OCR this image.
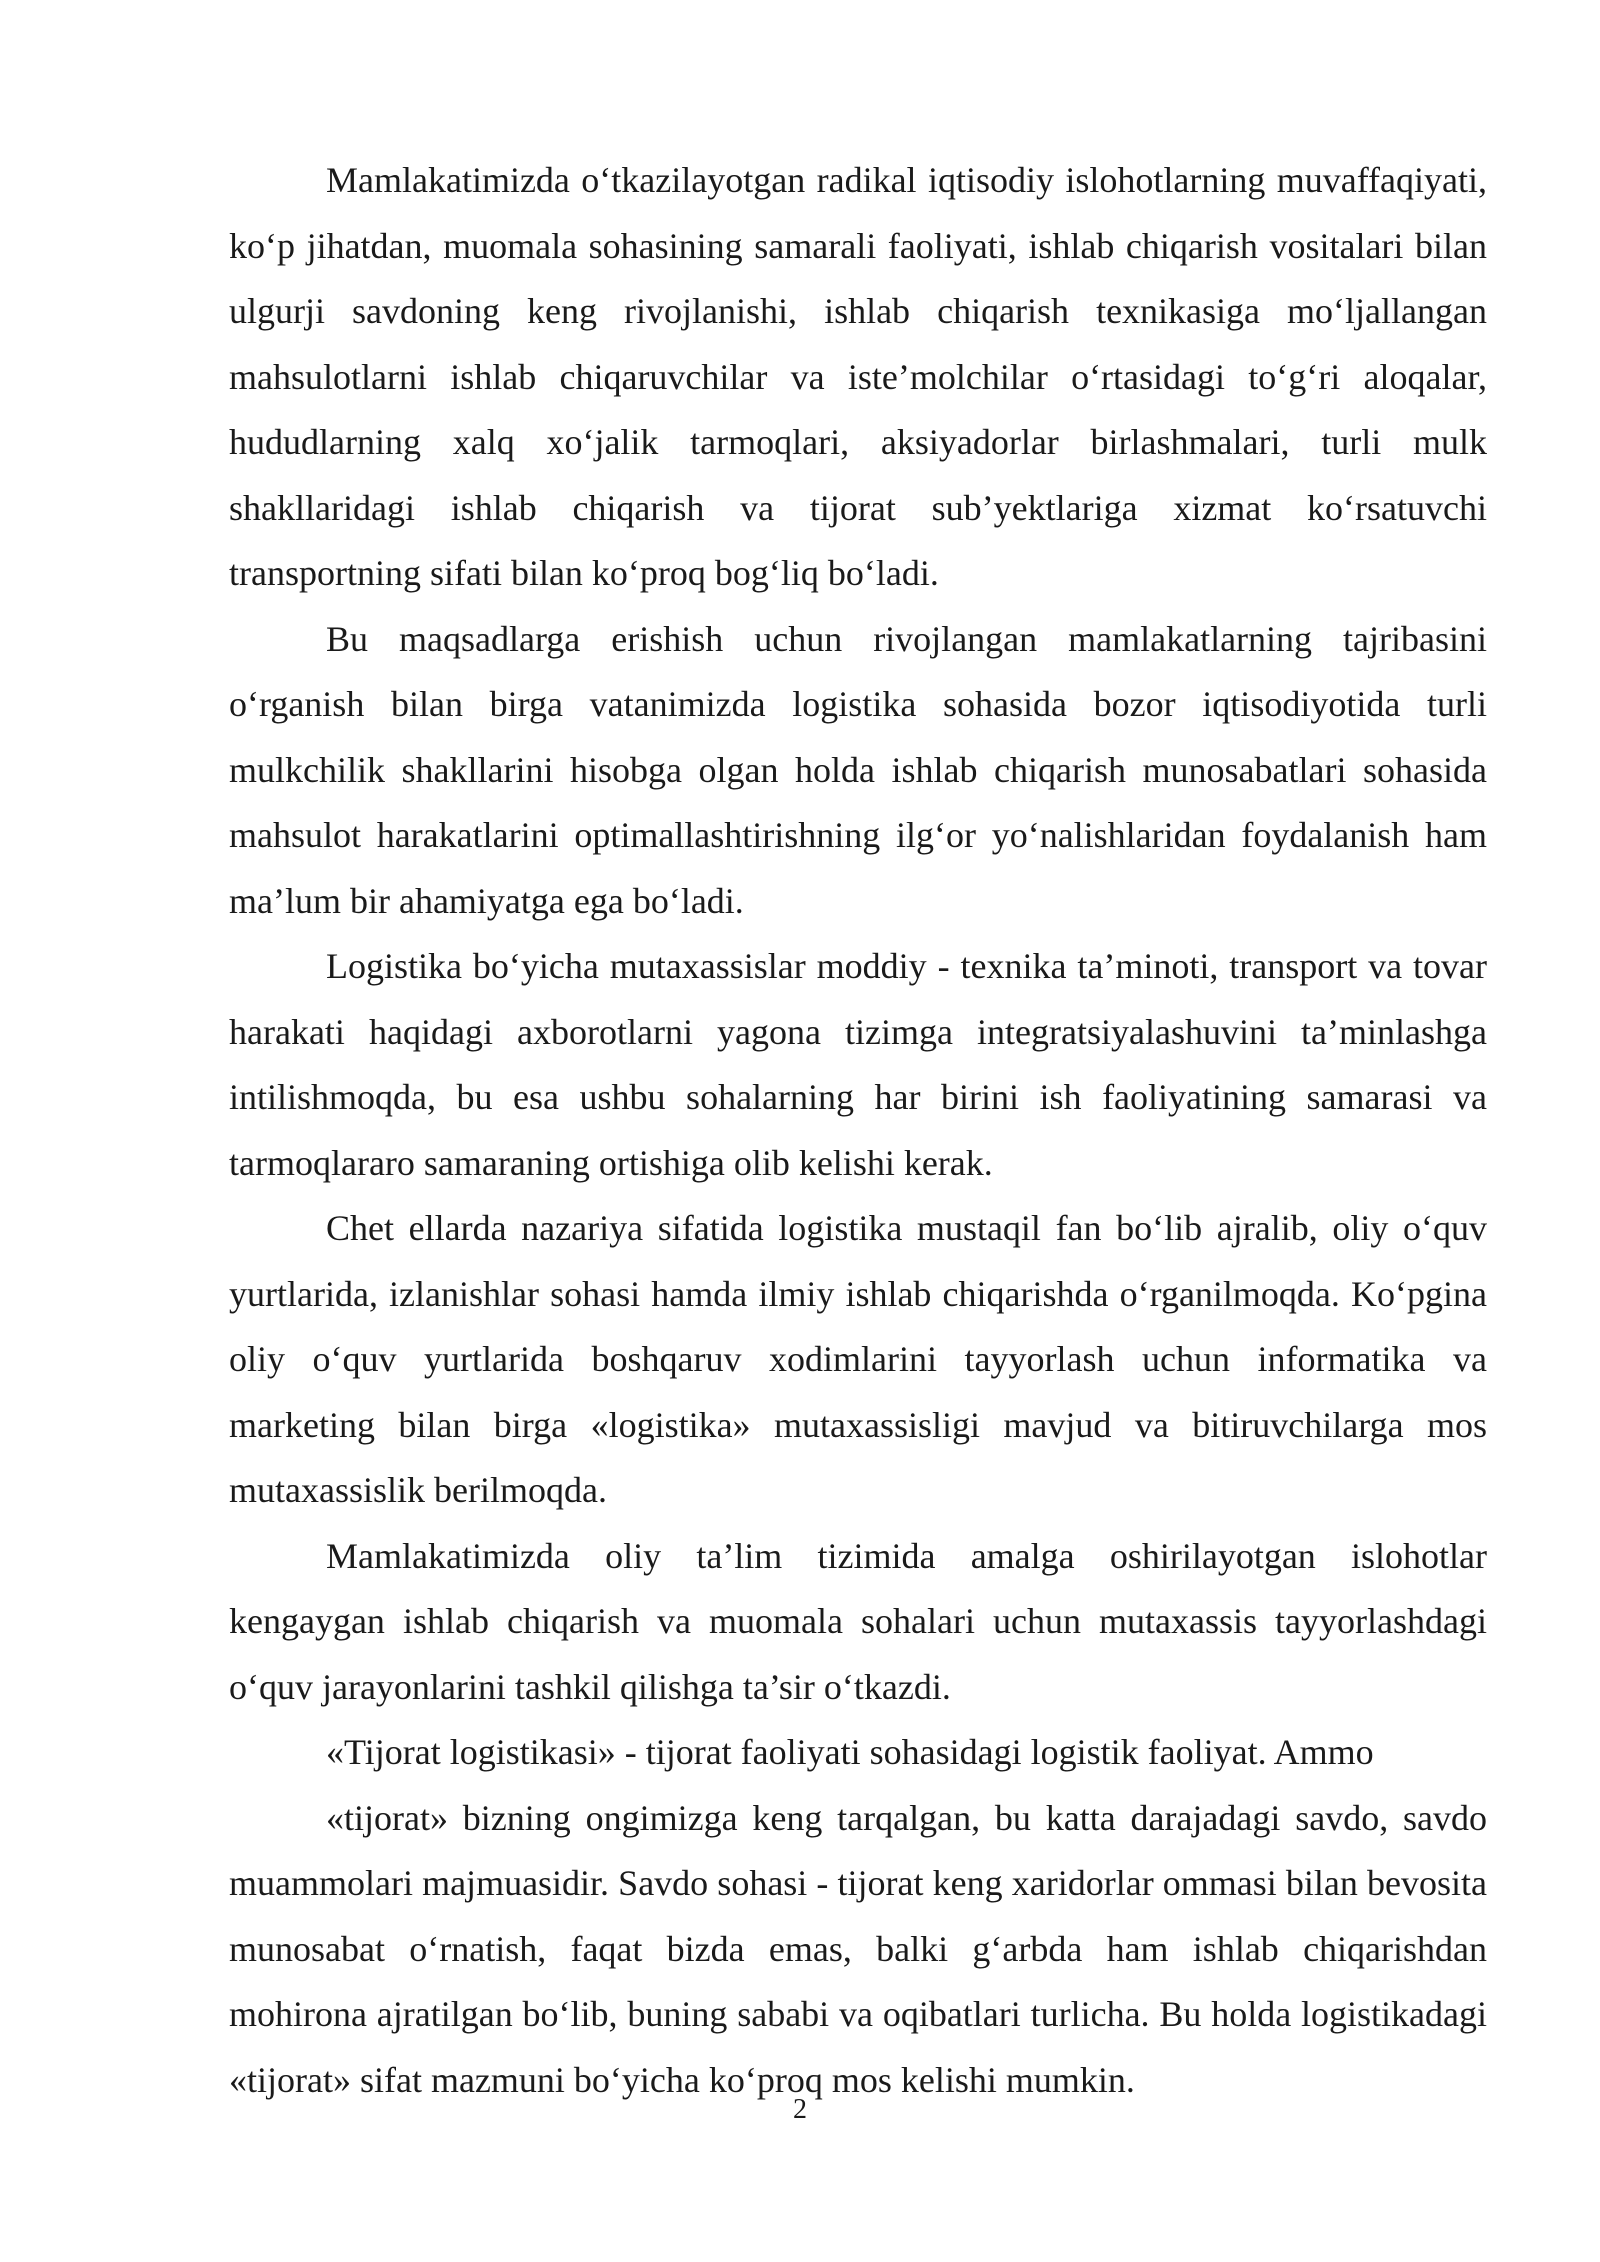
Mamlakatimizda o‘tkazilayotgan radikal iqtisodiy islohotlarning muvaffaqiyati, ko‘p jihatdan, muomala sohasining samarali faoliyati, ishlab chiqarish vositalari bilan ulgurji savdoning keng rivojlanishi, ishlab chiqarish texnikasiga mo‘ljallangan mahsulotlarni ishlab chiqaruvchilar va iste’molchilar o‘rtasidagi to‘g‘ri aloqalar, hududlarning xalq xo‘jalik tarmoqlari, aksiyadorlar birlashmalari, turli mulk shakllaridagi ishlab chiqarish va tijorat sub’yektlariga xizmat ko‘rsatuvchi transportning sifati bilan ko‘proq bog‘liq bo‘ladi.

Bu maqsadlarga erishish uchun rivojlangan mamlakatlarning tajribasini o‘rganish bilan birga vatanimizda logistika sohasida bozor iqtisodiyotida turli mulkchilik shakllarini hisobga olgan holda ishlab chiqarish munosabatlari sohasida mahsulot harakatlarini optimallashtirishning ilg‘or yo‘nalishlaridan foydalanish ham ma’lum bir ahamiyatga ega bo‘ladi.

Logistika bo‘yicha mutaxassislar moddiy - texnika ta’minoti, transport va tovar harakati haqidagi axborotlarni yagona tizimga integratsiyalashuvini ta’minlashga intilishmoqda, bu esa ushbu sohalarning har birini ish faoliyatining samarasi va tarmoqlararo samaraning ortishiga olib kelishi kerak.

Chet ellarda nazariya sifatida logistika mustaqil fan bo‘lib ajralib, oliy o‘quv yurtlarida, izlanishlar sohasi hamda ilmiy ishlab chiqarishda o‘rganilmoqda. Ko‘pgina oliy o‘quv yurtlarida boshqaruv xodimlarini tayyorlash uchun informatika va marketing bilan birga «logistika» mutaxassisligi mavjud va bitiruvchilarga mos mutaxassislik berilmoqda.

Mamlakatimizda oliy ta’lim tizimida amalga oshirilayotgan islohotlar kengaygan ishlab chiqarish va muomala sohalari uchun mutaxassis tayyorlashdagi o‘quv jarayonlarini tashkil qilishga ta’sir o‘tkazdi.

«Tijorat logistikasi» - tijorat faoliyati sohasidagi logistik faoliyat. Ammo

«tijorat» bizning ongimizga keng tarqalgan, bu katta darajadagi savdo, savdo muammolari majmuasidir. Savdo sohasi - tijorat keng xaridorlar ommasi bilan bevosita munosabat o‘rnatish, faqat bizda emas, balki g‘arbda ham ishlab chiqarishdan mohirona ajratilgan bo‘lib, buning sababi va oqibatlari turlicha. Bu holda logistikadagi «tijorat» sifat mazmuni bo‘yicha ko‘proq mos kelishi mumkin.

2
